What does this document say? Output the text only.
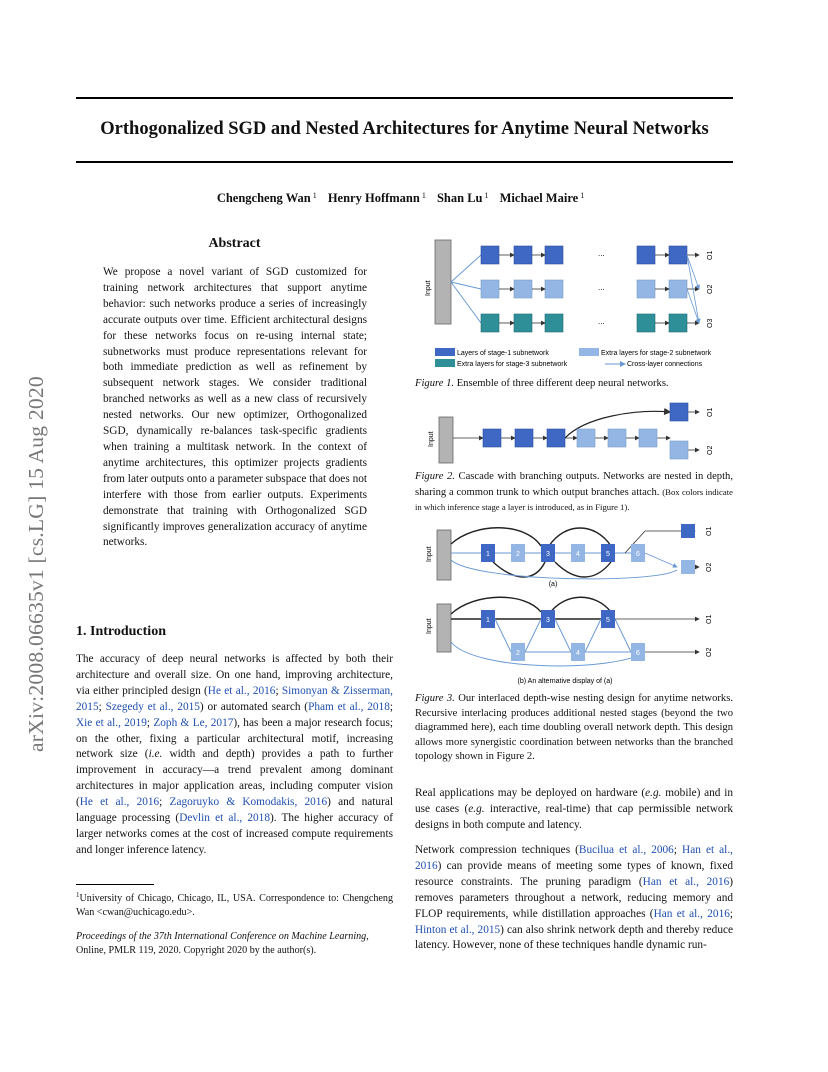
Orthogonalized SGD and Nested Architectures for Anytime Neural Networks
Chengcheng Wan $^1$ Henry Hoffmann $^1$ Shan Lu $^1$ Michael Maire $^1$
arXiv:2008.06635v1 [cs.LG] 15 Aug 2020
Abstract
We propose a novel variant of SGD customized for training network architectures that support anytime behavior: such networks produce a series of increasingly accurate outputs over time. Efficient architectural designs for these networks focus on re-using internal state; subnetworks must produce representations relevant for both immediate prediction as well as refinement by subsequent network stages. We consider traditional branched networks as well as a new class of recursively nested networks. Our new optimizer, Orthogonalized SGD, dynamically re-balances task-specific gradients when training a multitask network. In the context of anytime architectures, this optimizer projects gradients from later outputs onto a parameter subspace that does not interfere with those from earlier outputs. Experiments demonstrate that training with Orthogonalized SGD significantly improves generalization accuracy of anytime networks.
1. Introduction
The accuracy of deep neural networks is affected by both their architecture and overall size. On one hand, improving architecture, via either principled design (He et al., 2016; Simonyan & Zisserman, 2015; Szegedy et al., 2015) or automated search (Pham et al., 2018; Xie et al., 2019; Zoph & Le, 2017), has been a major research focus; on the other, fixing a particular architectural motif, increasing network size (i.e. width and depth) provides a path to further improvement in accuracy—a trend prevalent among dominant architectures in major application areas, including computer vision (He et al., 2016; Zagoruyko & Komodakis, 2016) and natural language processing (Devlin et al., 2018). The higher accuracy of larger networks comes at the cost of increased compute requirements and longer inference latency.
$^1$University of Chicago, Chicago, IL, USA. Correspondence to: Chengcheng Wan <cwan@uchicago.edu>.
Proceedings of the 37th International Conference on Machine Learning, Online, PMLR 119, 2020. Copyright 2020 by the author(s).
Input
...
...
...
O1
O2
O3
Layers of stage-1 subnetwork
Extra layers for stage-3 subnetwork
Extra layers for stage-2 subnetwork
Cross-layer connections
Figure 1. Ensemble of three different deep neural networks.
Input
O1
O2
Figure 2. Cascade with branching outputs. Networks are nested in depth, sharing a common trunk to which output branches attach. (Box colors indicate in which inference stage a layer is introduced, as in Figure 1).
Input	1	2	3	4	5	6
O1
O2
(a)
Input	1	3	5
2	4	6
O1
O2
(b) An alternative display of (a)
Figure 3. Our interlaced depth-wise nesting design for anytime networks. Recursive interlacing produces additional nested stages (beyond the two diagrammed here), each time doubling overall network depth. This design allows more synergistic coordination between networks than the branched topology shown in Figure 2.
Real applications may be deployed on hardware (e.g. mobile) and in use cases (e.g. interactive, real-time) that cap permissible network designs in both compute and latency.
Network compression techniques (Bucilua et al., 2006; Han et al., 2016) can provide means of meeting some types of known, fixed resource constraints. The pruning paradigm (Han et al., 2016) removes parameters throughout a network, reducing memory and FLOP requirements, while distillation approaches (Han et al., 2016; Hinton et al., 2015) can also shrink network depth and thereby reduce latency. However, none of these techniques handle dynamic run-
